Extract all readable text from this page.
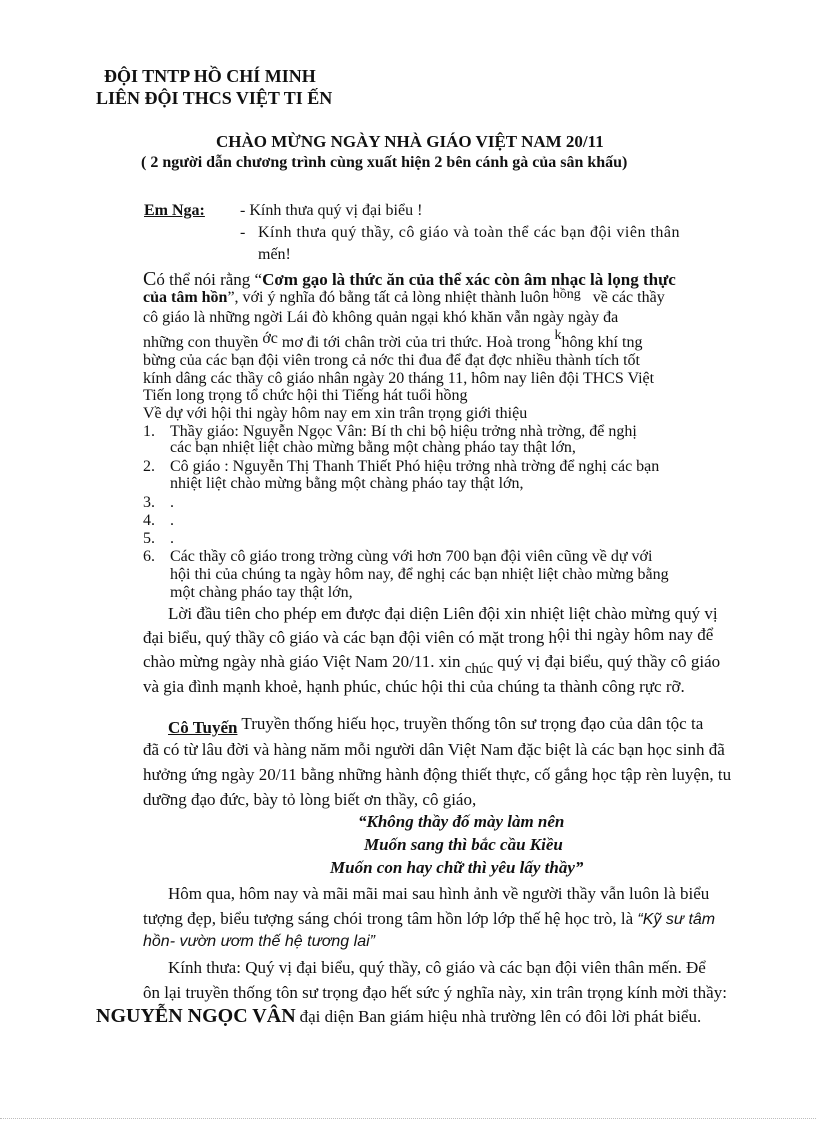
ĐỘI TNTP HỒ CHÍ MINH
LIÊN ĐỘI THCS VIỆT TI ẾN
CHÀO MỪNG NGÀY NHÀ GIÁO VIỆT NAM 20/11
( 2 người dẫn chương trình cùng xuất hiện 2 bên cánh gà của sân khấu)
Em Nga: - Kính thưa quý vị đại biểu !
- Kính thưa quý thầy, cô giáo và toàn thể các bạn đội viên thân
mến!
Có thể nói rằng “Cơm gạo là thức ăn của thể xác còn âm nhạc là lọng thực
của tâm hồn”, với ý nghĩa đó bằng tất cả lòng nhiệt thành luôn hồng về các thầy
cô giáo là những ngời Lái đò không quản ngại khó khăn vẫn ngày ngày đa
những con thuyền ớc mơ đi tới chân trời của tri thức. Hoà trong không khí tng
bừng của các bạn đội viên trong cả nớc thi đua để đạt đợc nhiều thành tích tốt
kính dâng các thầy cô giáo nhân ngày 20 tháng 11, hôm nay liên đội THCS Việt
Tiến long trọng tổ chức hội thi Tiếng hát tuổi hồng
Về dự với hội thi ngày hôm nay em xin trân trọng giới thiệu
1. Thầy giáo: Nguyễn Ngọc Vân: Bí th chi bộ hiệu trởng nhà trờng, để nghị
các bạn nhiệt liệt chào mừng bằng một chàng pháo tay thật lớn,
2. Cô giáo : Nguyễn Thị Thanh Thiết Phó hiệu trởng nhà trờng để nghị các bạn
nhiệt liệt chào mừng bằng một chàng pháo tay thật lớn,
3. .
4. .
5. .
6. Các thầy cô giáo trong trờng cùng với hơn 700 bạn đội viên cũng về dự với
hội thi của chúng ta ngày hôm nay, để nghị các bạn nhiệt liệt chào mừng bằng
một chàng pháo tay thật lớn,
Lời đầu tiên cho phép em được đại diện Liên đội xin nhiệt liệt chào mừng quý vị
đại biểu, quý thầy cô giáo và các bạn đội viên có mặt trong hội thi ngày hôm nay để
chào mừng ngày nhà giáo Việt Nam 20/11. xin chúc quý vị đại biểu, quý thầy cô giáo
và gia đình mạnh khoẻ, hạnh phúc, chúc hội thi của chúng ta thành công rực rỡ.
Cô Tuyến Truyền thống hiếu học, truyền thống tôn sư trọng đạo của dân tộc ta
đã có từ lâu đời và hàng năm mỗi người dân Việt Nam đặc biệt là các bạn học sinh đã
hưởng ứng ngày 20/11 bằng những hành động thiết thực, cố gắng học tập rèn luyện, tu
dưỡng đạo đức, bày tỏ lòng biết ơn thầy, cô giáo,
“Không thầy đố mày làm nên
Muốn sang thì bắc cầu Kiều
Muốn con hay chữ thì yêu lấy thầy”
Hôm qua, hôm nay và mãi mãi mai sau hình ảnh về người thầy vẫn luôn là biểu
tượng đẹp, biểu tượng sáng chói trong tâm hồn lớp lớp thế hệ học trò, là “Kỹ sư tâm
hồn- vườn ươm thế hệ tương lai”
Kính thưa: Quý vị đại biểu, quý thầy, cô giáo và các bạn đội viên thân mến. Để
ôn lại truyền thống tôn sư trọng đạo hết sức ý nghĩa này, xin trân trọng kính mời thầy:
NGUYỄN NGỌC VÂN đại diện Ban giám hiệu nhà trường lên có đôi lời phát biểu.
